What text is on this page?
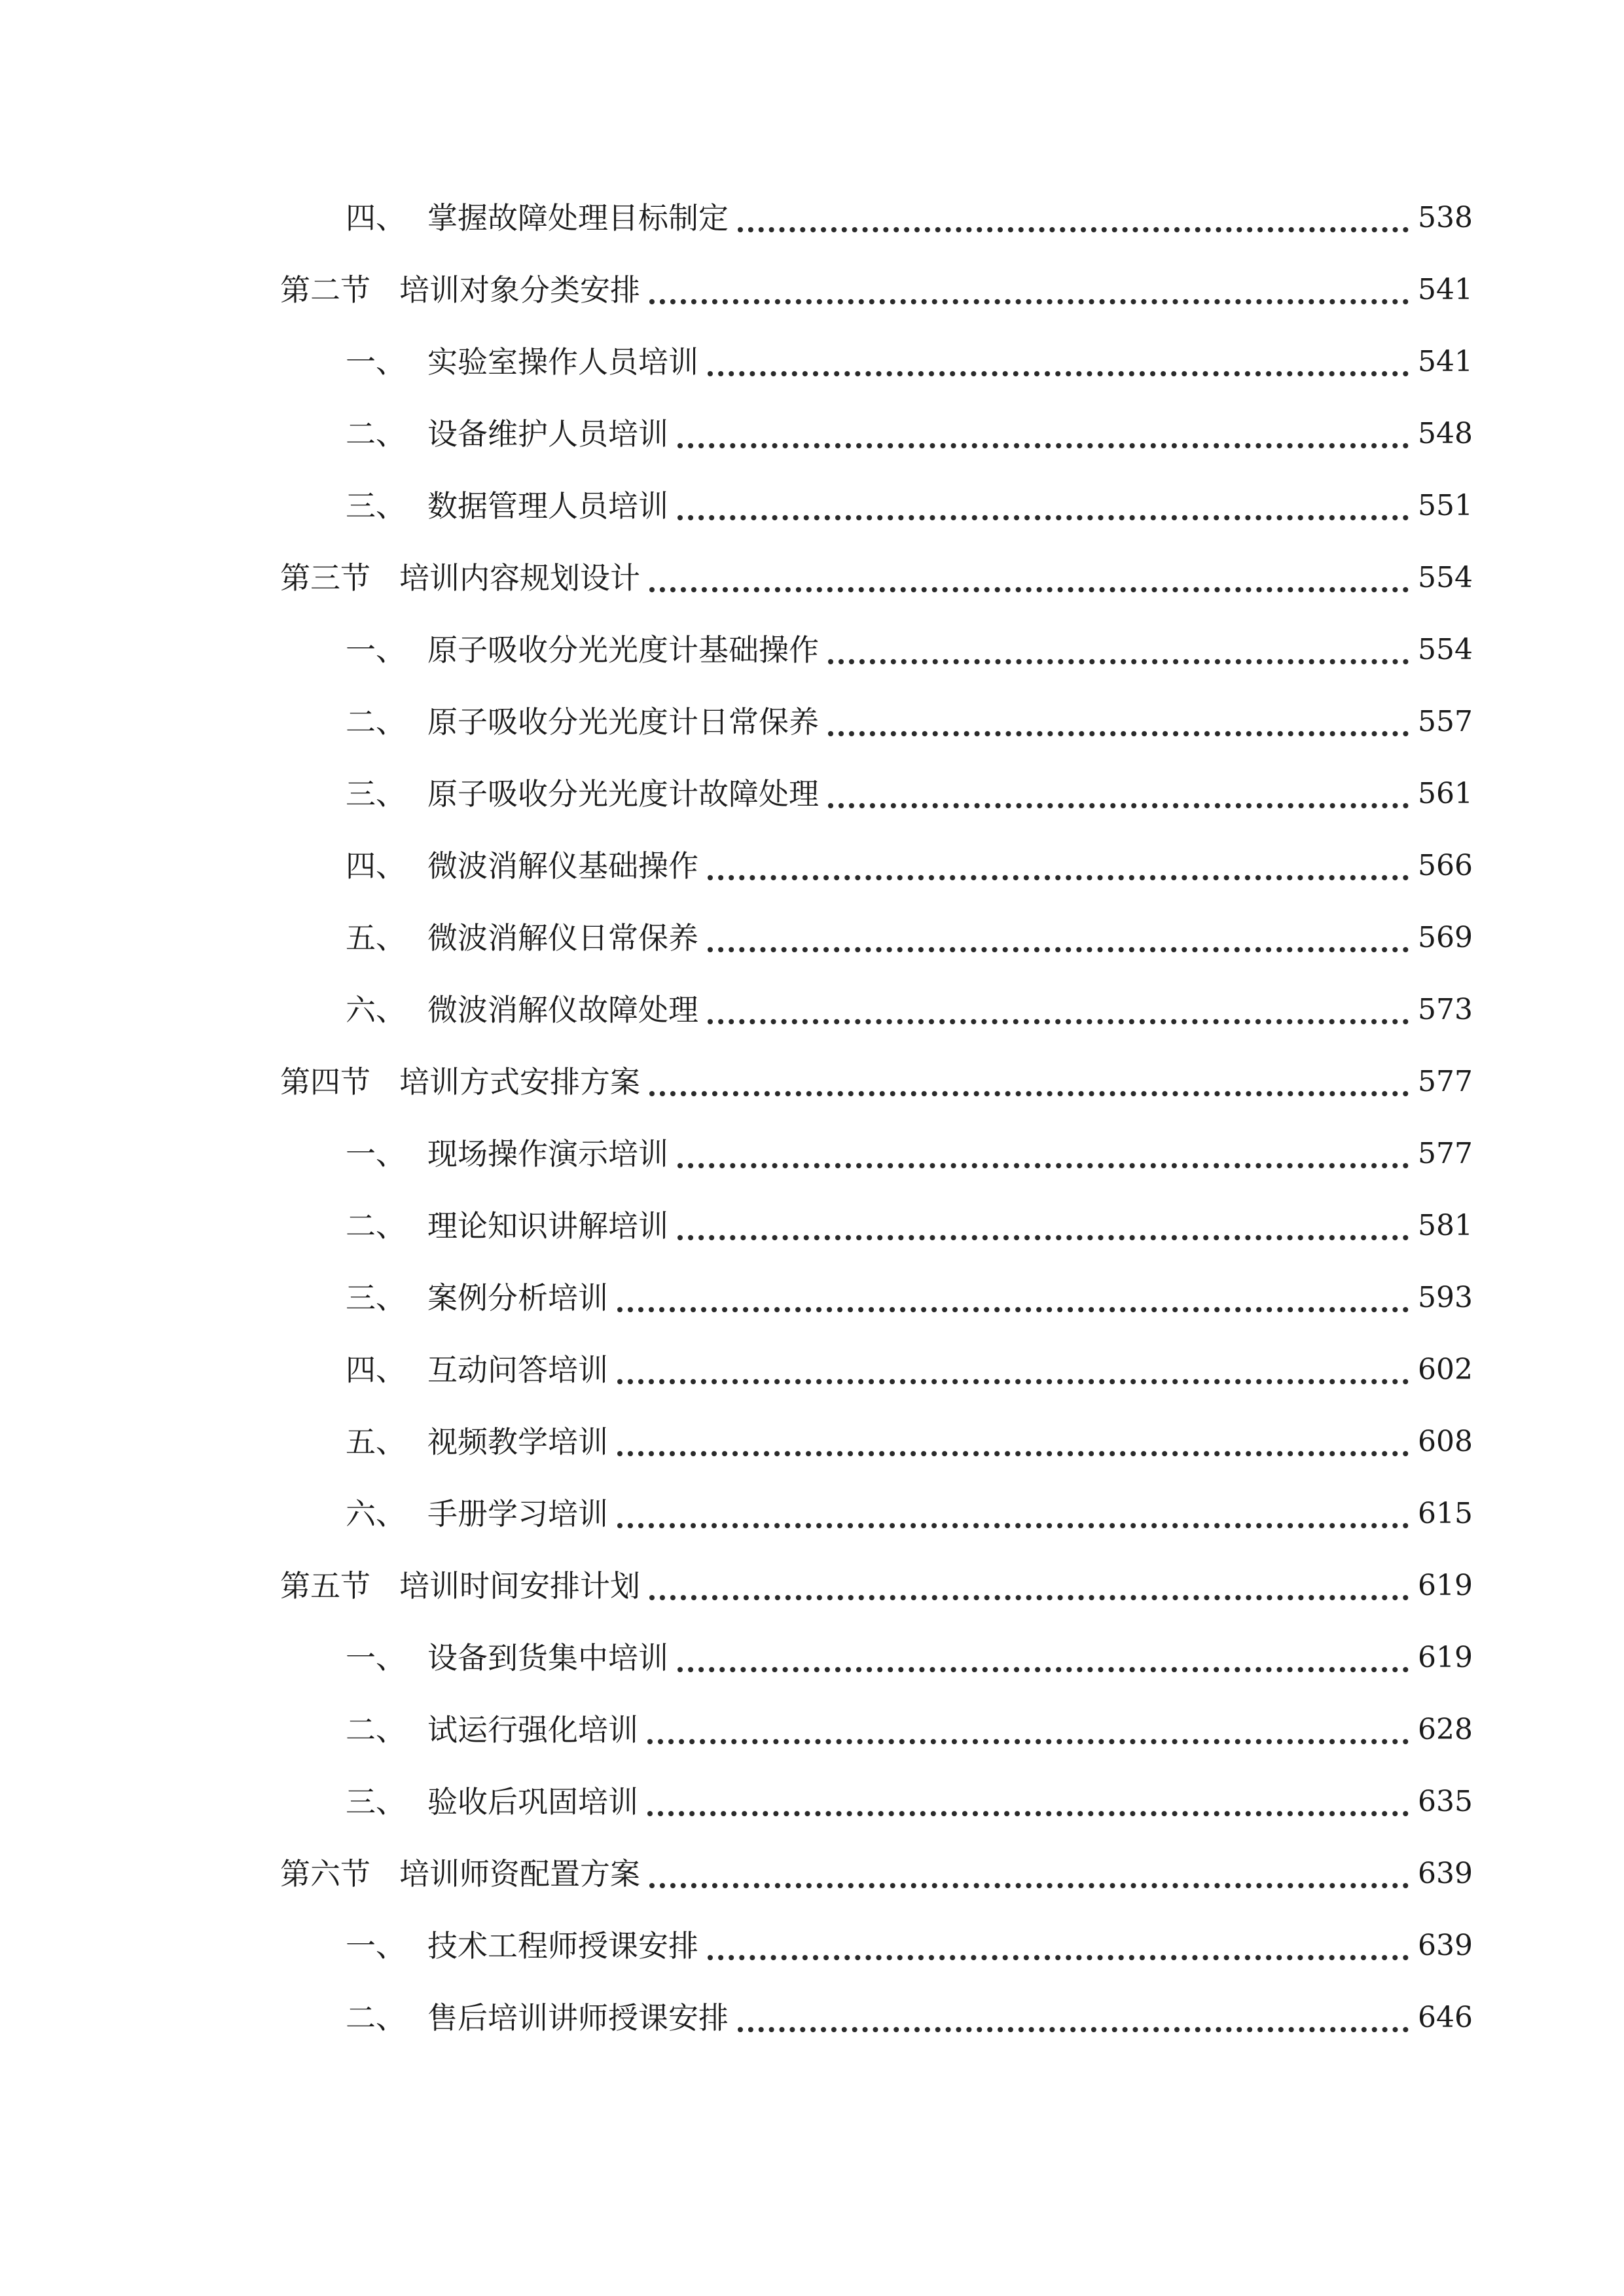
四、 掌握故障处理目标制定	538
第二节 培训对象分类安排	541
一、 实验室操作人员培训	541
二、 设备维护人员培训	548
三、 数据管理人员培训	551
第三节 培训内容规划设计	554
一、 原子吸收分光光度计基础操作	554
二、 原子吸收分光光度计日常保养	557
三、 原子吸收分光光度计故障处理	561
四、 微波消解仪基础操作	566
五、 微波消解仪日常保养	569
六、 微波消解仪故障处理	573
第四节 培训方式安排方案	577
一、 现场操作演示培训	577
二、 理论知识讲解培训	581
三、 案例分析培训	593
四、 互动问答培训	602
五、 视频教学培训	608
六、 手册学习培训	615
第五节 培训时间安排计划	619
一、 设备到货集中培训	619
二、 试运行强化培训	628
三、 验收后巩固培训	635
第六节 培训师资配置方案	639
一、 技术工程师授课安排	639
二、 售后培训讲师授课安排	646
